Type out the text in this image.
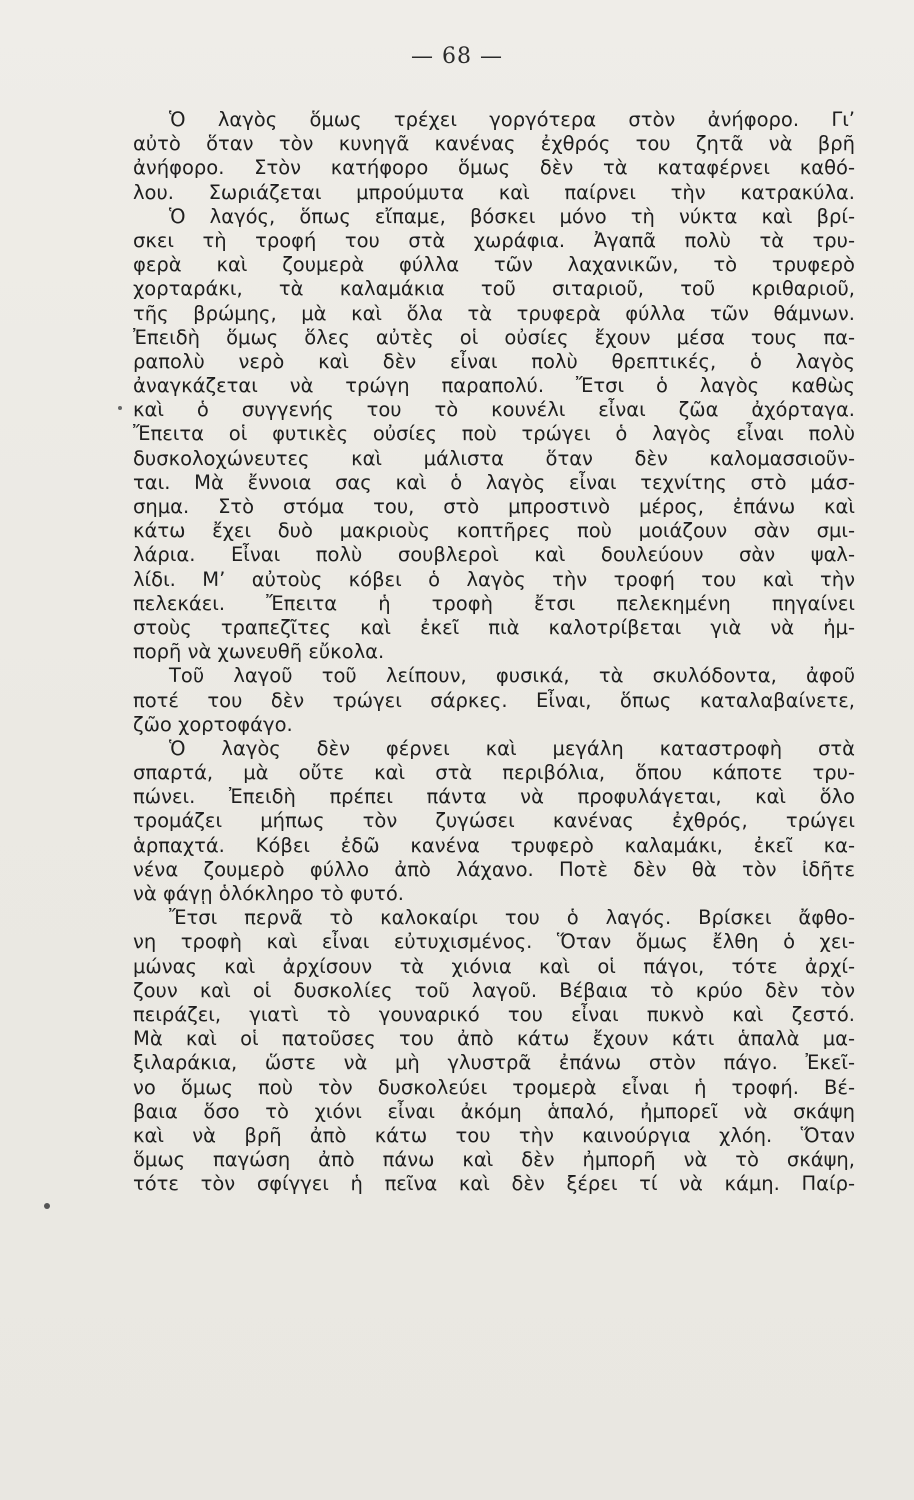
— 68 —
Ὁ λαγὸς ὅμως τρέχει γοργότερα στὸν ἀνήφορο. Γι’
αὐτὸ ὅταν τὸν κυνηγᾶ κανένας ἐχθρός του ζητᾶ νὰ βρῆ
ἀνήφορο. Στὸν κατήφορο ὅμως δὲν τὰ καταφέρνει καθό-
λου. Σωριάζεται μπρούμυτα καὶ παίρνει τὴν κατρακύλα.
Ὁ λαγός, ὅπως εἴπαμε, βόσκει μόνο τὴ νύκτα καὶ βρί-
σκει τὴ τροφή του στὰ χωράφια. Ἀγαπᾶ πολὺ τὰ τρυ-
φερὰ καὶ ζουμερὰ φύλλα τῶν λαχανικῶν, τὸ τρυφερὸ
χορταράκι, τὰ καλαμάκια τοῦ σιταριοῦ, τοῦ κριθαριοῦ,
τῆς βρώμης, μὰ καὶ ὅλα τὰ τρυφερὰ φύλλα τῶν θάμνων.
Ἐπειδὴ ὅμως ὅλες αὐτὲς οἱ οὐσίες ἔχουν μέσα τους πα-
ραπολὺ νερὸ καὶ δὲν εἶναι πολὺ θρεπτικές, ὁ λαγὸς
ἀναγκάζεται νὰ τρώγη παραπολύ. Ἔτσι ὁ λαγὸς καθὼς
καὶ ὁ συγγενής του τὸ κουνέλι εἶναι ζῶα ἀχόρταγα.
Ἔπειτα οἱ φυτικὲς οὐσίες ποὺ τρώγει ὁ λαγὸς εἶναι πολὺ
δυσκολοχώνευτες καὶ μάλιστα ὅταν δὲν καλομασσιοῦν-
ται. Μὰ ἔννοια σας καὶ ὁ λαγὸς εἶναι τεχνίτης στὸ μάσ-
σημα. Στὸ στόμα του, στὸ μπροστινὸ μέρος, ἐπάνω καὶ
κάτω ἔχει δυὸ μακριοὺς κοπτῆρες ποὺ μοιάζουν σὰν σμι-
λάρια. Εἶναι πολὺ σουβλεροὶ καὶ δουλεύουν σὰν ψαλ-
λίδι. Μ’ αὐτοὺς κόβει ὁ λαγὸς τὴν τροφή του καὶ τὴν
πελεκάει. Ἔπειτα ἡ τροφὴ ἔτσι πελεκημένη πηγαίνει
στοὺς τραπεζῖτες καὶ ἐκεῖ πιὰ καλοτρίβεται γιὰ νὰ ἠμ-
πορῆ νὰ χωνευθῆ εὔκολα.
Τοῦ λαγοῦ τοῦ λείπουν, φυσικά, τὰ σκυλόδοντα, ἀφοῦ
ποτέ του δὲν τρώγει σάρκες. Εἶναι, ὅπως καταλαβαίνετε,
ζῶο χορτοφάγο.
Ὁ λαγὸς δὲν φέρνει καὶ μεγάλη καταστροφὴ στὰ
σπαρτά, μὰ οὔτε καὶ στὰ περιβόλια, ὅπου κάποτε τρυ-
πώνει. Ἐπειδὴ πρέπει πάντα νὰ προφυλάγεται, καὶ ὅλο
τρομάζει μήπως τὸν ζυγώσει κανένας ἐχθρός, τρώγει
ἁρπαχτά. Κόβει ἐδῶ κανένα τρυφερὸ καλαμάκι, ἐκεῖ κα-
νένα ζουμερὸ φύλλο ἀπὸ λάχανο. Ποτὲ δὲν θὰ τὸν ἰδῆτε
νὰ φάγῃ ὁλόκληρο τὸ φυτό.
Ἔτσι περνᾶ τὸ καλοκαίρι του ὁ λαγός. Βρίσκει ἄφθο-
νη τροφὴ καὶ εἶναι εὐτυχισμένος. Ὅταν ὅμως ἔλθη ὁ χει-
μώνας καὶ ἀρχίσουν τὰ χιόνια καὶ οἱ πάγοι, τότε ἀρχί-
ζουν καὶ οἱ δυσκολίες τοῦ λαγοῦ. Βέβαια τὸ κρύο δὲν τὸν
πειράζει, γιατὶ τὸ γουναρικό του εἶναι πυκνὸ καὶ ζεστό.
Μὰ καὶ οἱ πατοῦσες του ἀπὸ κάτω ἔχουν κάτι ἁπαλὰ μα-
ξιλαράκια, ὥστε νὰ μὴ γλυστρᾶ ἐπάνω στὸν πάγο. Ἐκεῖ-
νο ὅμως ποὺ τὸν δυσκολεύει τρομερὰ εἶναι ἡ τροφή. Βέ-
βαια ὅσο τὸ χιόνι εἶναι ἀκόμη ἁπαλό, ἠμπορεῖ νὰ σκάψη
καὶ νὰ βρῆ ἀπὸ κάτω του τὴν καινούργια χλόη. Ὅταν
ὅμως παγώση ἀπὸ πάνω καὶ δὲν ἠμπορῆ νὰ τὸ σκάψη,
τότε τὸν σφίγγει ἡ πεῖνα καὶ δὲν ξέρει τί νὰ κάμη. Παίρ-
